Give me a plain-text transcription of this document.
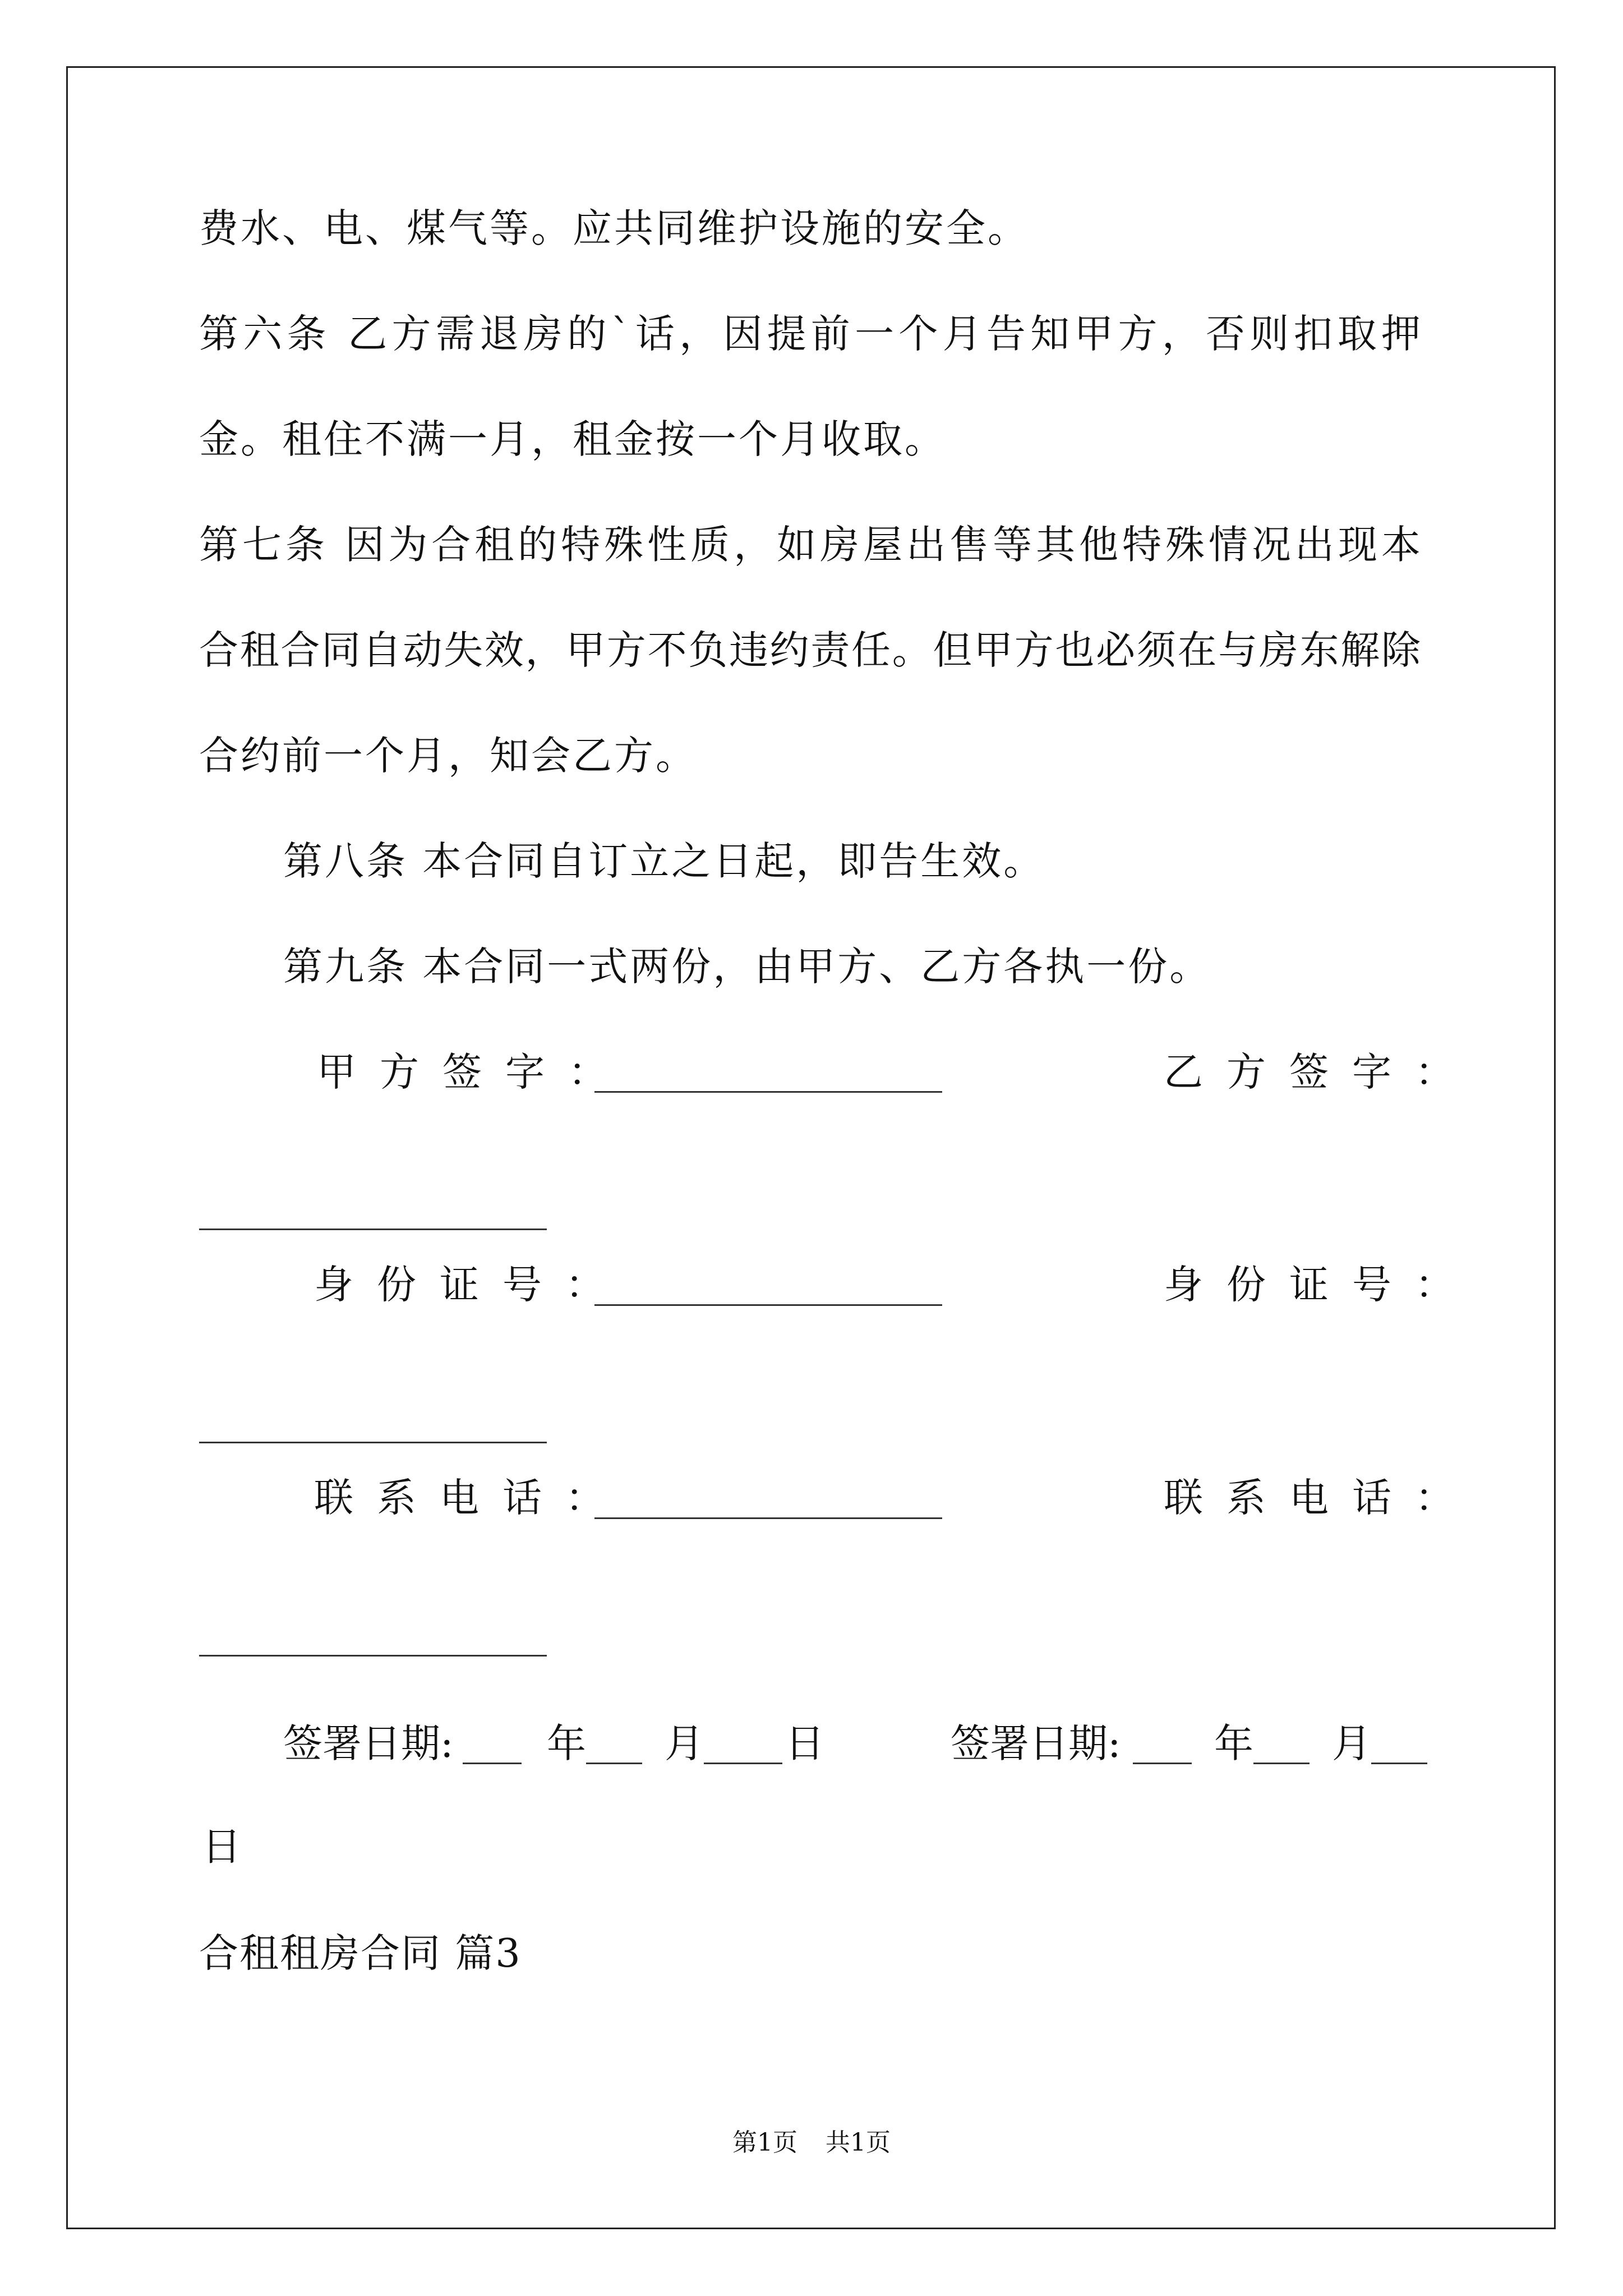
费水、电、煤气等。应共同维护设施的安全。
第六条 乙方需退房的`话，因提前一个月告知甲方，否则扣取押
金。租住不满一月，租金按一个月收取。
第七条 因为合租的特殊性质，如房屋出售等其他特殊情况出现本
合租合同自动失效，甲方不负违约责任。但甲方也必须在与房东解除
合约前一个月，知会乙方。
第八条 本合同自订立之日起，即告生效。
第九条 本合同一式两份，由甲方、乙方各执一份。
甲方签字：	乙方签字：
身份证号：	身份证号：
联系电话：	联系电话：
签署日期: 年 月 日	签署日期: 年 月
日
合租租房合同 篇3
第1页 共1页
